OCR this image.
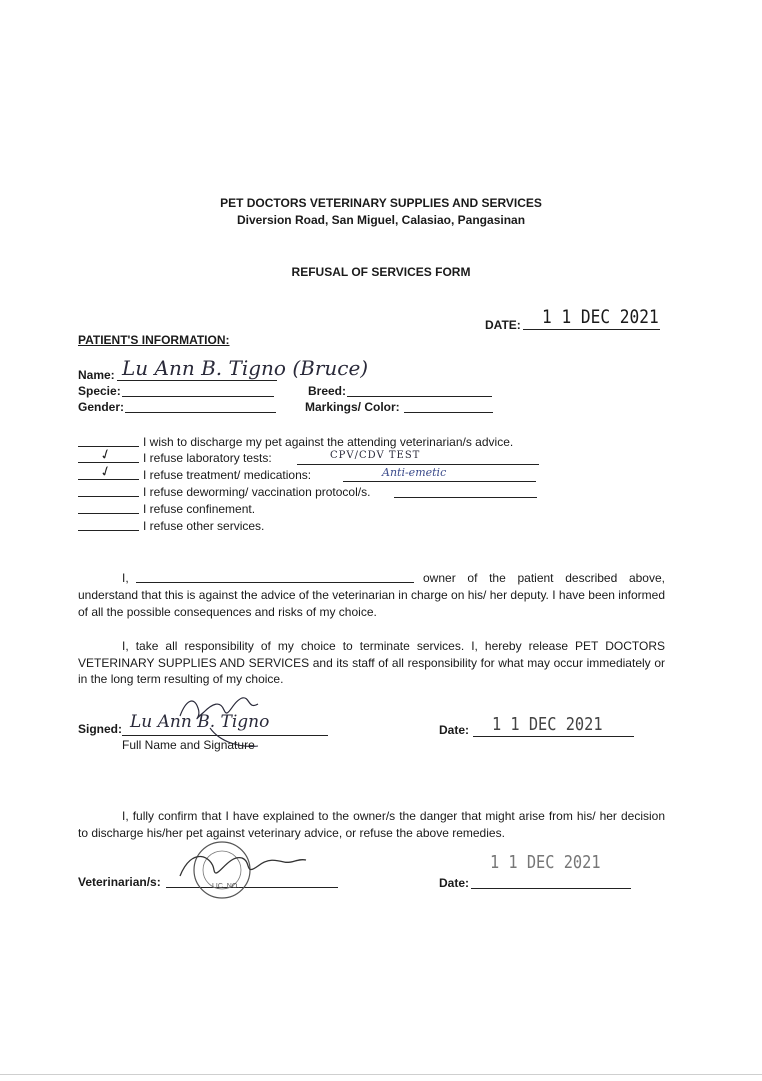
PET DOCTORS VETERINARY SUPPLIES AND SERVICES
Diversion Road, San Miguel, Calasiao, Pangasinan
REFUSAL OF SERVICES FORM
DATE: 1 1 DEC 2021
PATIENT'S INFORMATION:
Name: Lu Ann B. Tigno (Bruce)
Specie:	Breed:
Gender:	Markings/ Color:
I wish to discharge my pet against the attending veterinarian/s advice.
✓ I refuse laboratory tests:	CPV/CDV TEST
✓ I refuse treatment/ medications:	Anti-emetic
I refuse deworming/ vaccination protocol/s.
I refuse confinement.
I refuse other services.
I,	owner of the patient described above,

understand that this is against the advice of the veterinarian in charge on his/ her deputy. I have been informed of all the possible consequences and risks of my choice.

I, take all responsibility of my choice to terminate services. I, hereby release PET DOCTORS VETERINARY SUPPLIES AND SERVICES and its staff of all responsibility for what may occur immediately or in the long term resulting of my choice.

Signed: Lu Ann B. Tigno
Full Name and Signature
Date: 1 1 DEC 2021

I, fully confirm that I have explained to the owner/s the danger that might arise from his/ her decision to discharge his/her pet against veterinary advice, or refuse the above remedies.

Veterinarian/s:	LIC. NO.	Date:
1 1 DEC 2021
